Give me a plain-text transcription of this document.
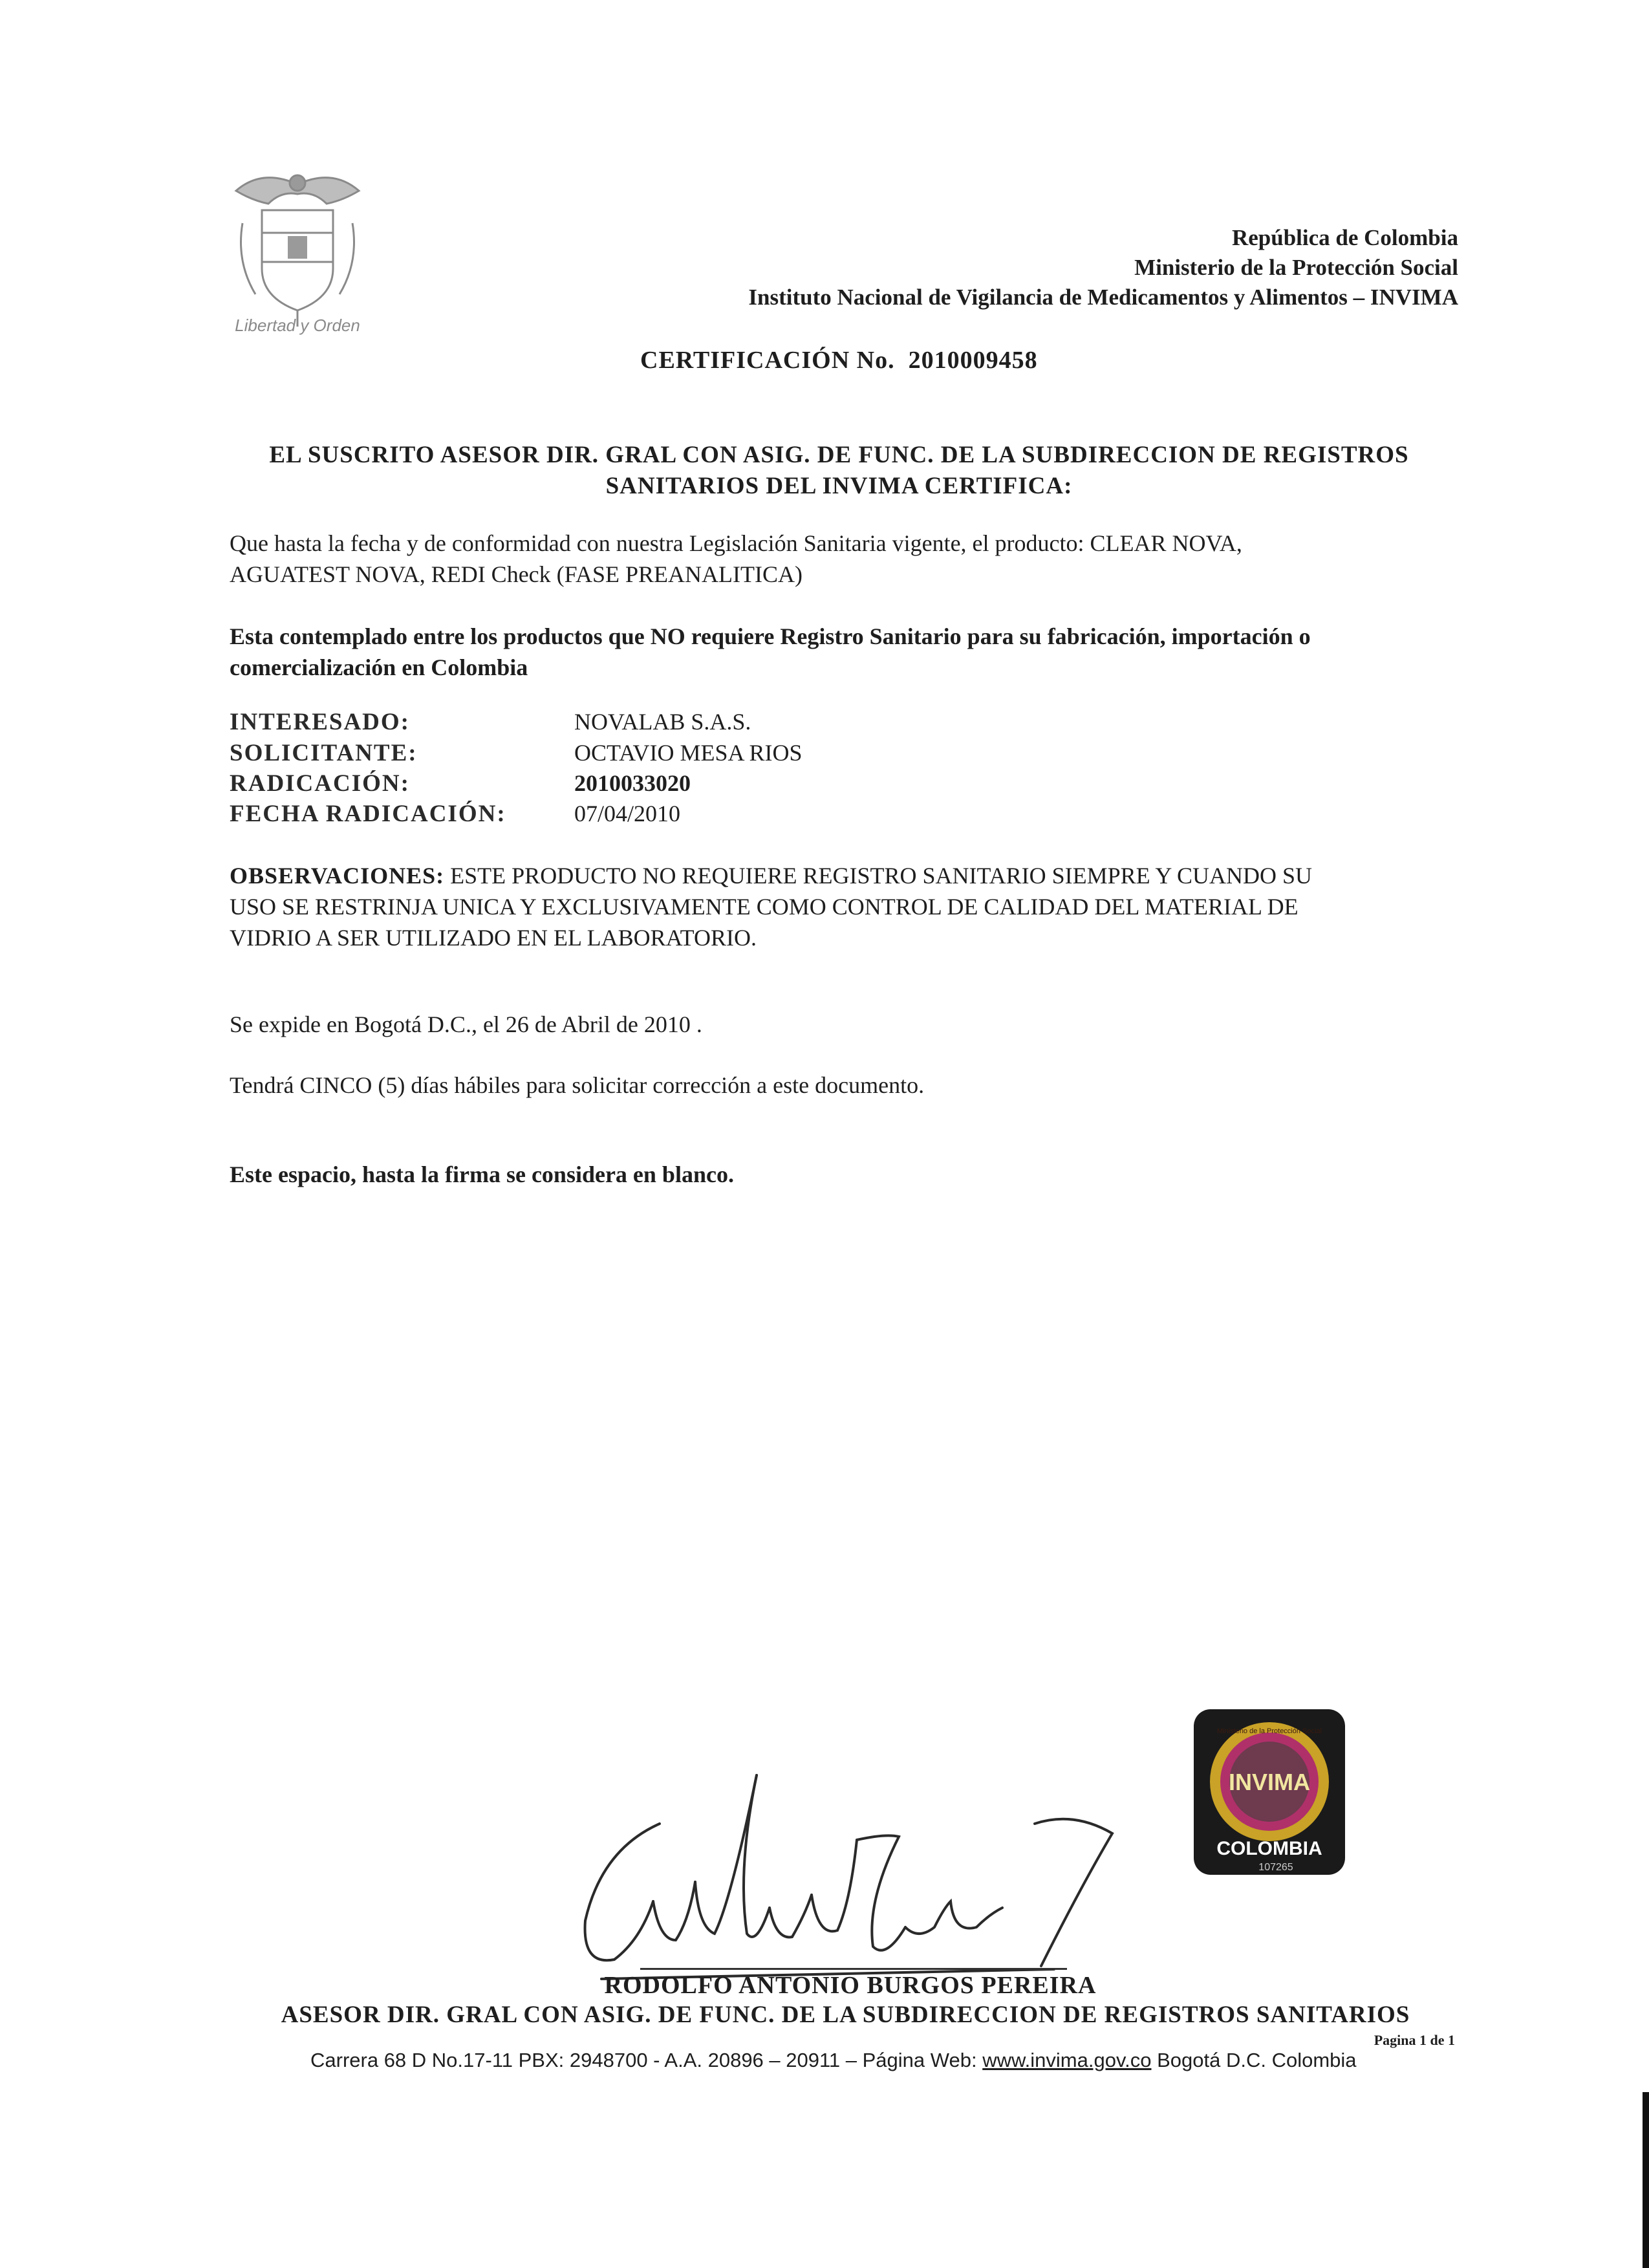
Libertad y Orden
República de Colombia
Ministerio de la Protección Social
Instituto Nacional de Vigilancia de Medicamentos y Alimentos – INVIMA
CERTIFICACIÓN No. 2010009458
EL SUSCRITO ASESOR DIR. GRAL CON ASIG. DE FUNC. DE LA SUBDIRECCION DE REGISTROS
SANITARIOS DEL INVIMA CERTIFICA:
Que hasta la fecha y de conformidad con nuestra Legislación Sanitaria vigente, el producto: CLEAR NOVA,
AGUATEST NOVA, REDI Check (FASE PREANALITICA)
Esta contemplado entre los productos que NO requiere Registro Sanitario para su fabricación, importación o
comercialización en Colombia
INTERESADO:	NOVALAB S.A.S.
SOLICITANTE:	OCTAVIO MESA RIOS
RADICACIÓN:	2010033020
FECHA RADICACIÓN:	07/04/2010
OBSERVACIONES: ESTE PRODUCTO NO REQUIERE REGISTRO SANITARIO SIEMPRE Y CUANDO SU
USO SE RESTRINJA UNICA Y EXCLUSIVAMENTE COMO CONTROL DE CALIDAD DEL MATERIAL DE
VIDRIO A SER UTILIZADO EN EL LABORATORIO.
Se expide en Bogotá D.C., el 26 de Abril de 2010 .
Tendrá CINCO (5) días hábiles para solicitar corrección a este documento.
Este espacio, hasta la firma se considera en blanco.
INVIMA
Ministerio de la Protección Social
COLOMBIA
107265
RODOLFO ANTONIO BURGOS PEREIRA
ASESOR DIR. GRAL CON ASIG. DE FUNC. DE LA SUBDIRECCION DE REGISTROS SANITARIOS
Pagina 1 de 1
Carrera 68 D No.17-11 PBX: 2948700 - A.A. 20896 – 20911 – Página Web: www.invima.gov.co Bogotá D.C. Colombia
